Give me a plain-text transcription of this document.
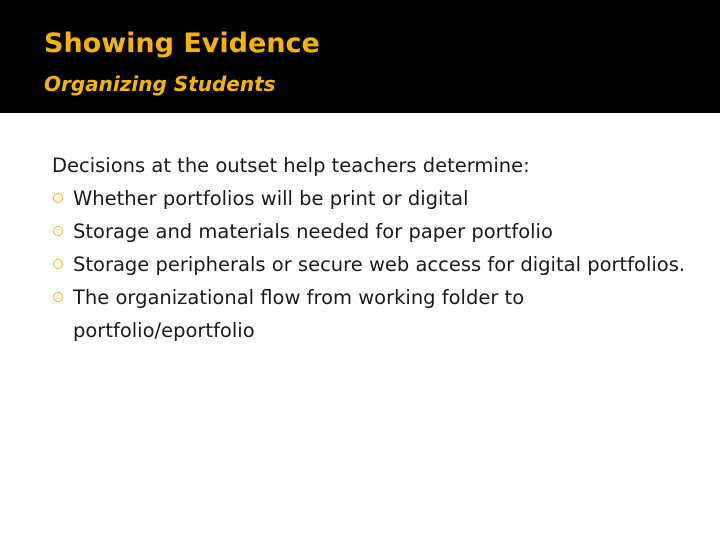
Showing Evidence
Organizing Students

Decisions at the outset help teachers determine:

Whether portfolios will be print or digital
Storage and materials needed for paper portfolio
Storage peripherals or secure web access for digital portfolios.
The organizational flow from working folder to portfolio/eportfolio
